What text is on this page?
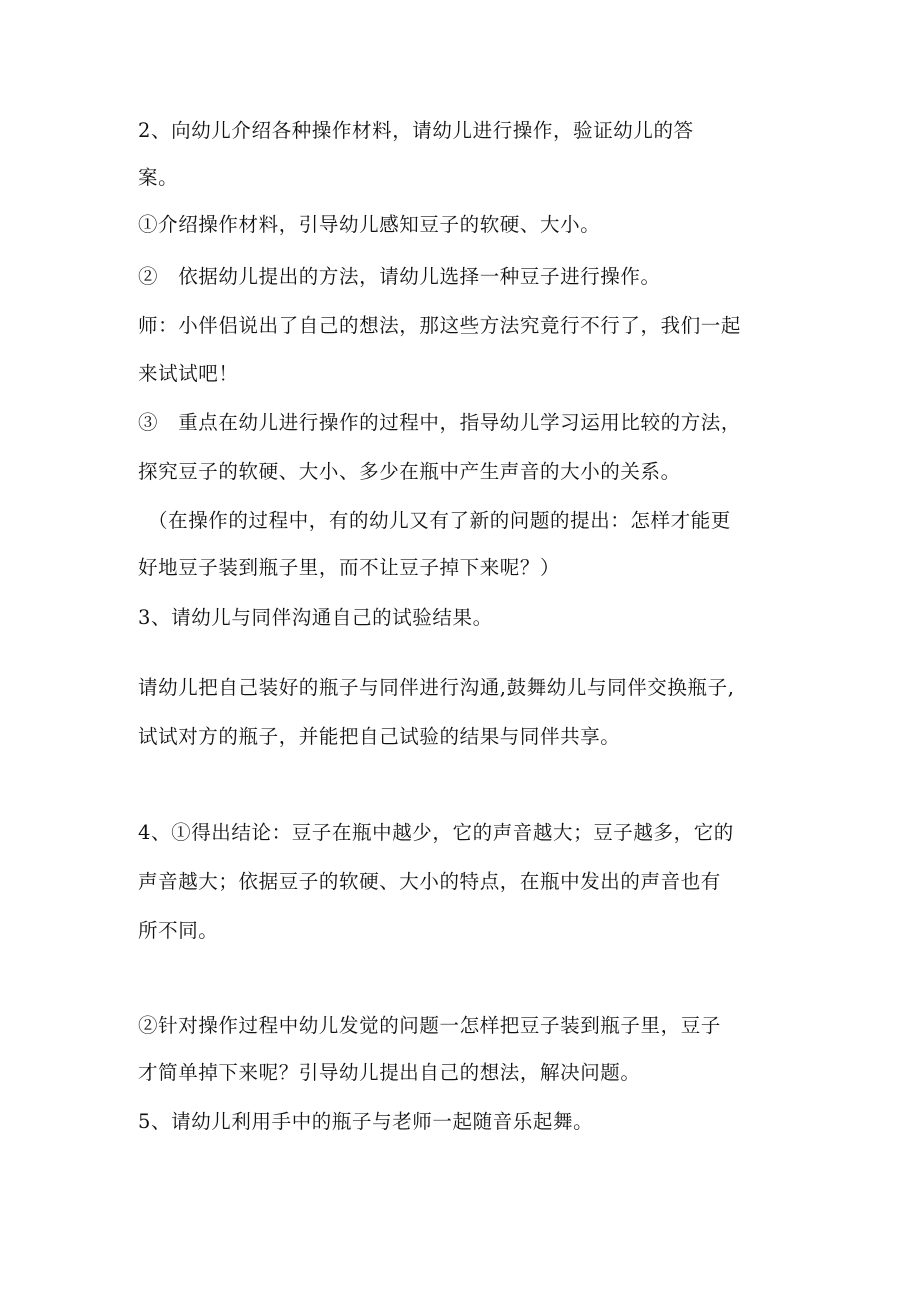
2、向幼儿介绍各种操作材料，请幼儿进行操作，验证幼儿的答
案。
①介绍操作材料，引导幼儿感知豆子的软硬、大小。
②　依据幼儿提出的方法，请幼儿选择一种豆子进行操作。
师：小伴侣说出了自己的想法，那这些方法究竟行不行了，我们一起
来试试吧！
③　重点在幼儿进行操作的过程中，指导幼儿学习运用比较的方法，
探究豆子的软硬、大小、多少在瓶中产生声音的大小的关系。
（在操作的过程中，有的幼儿又有了新的问题的提出：怎样才能更
好地豆子装到瓶子里，而不让豆子掉下来呢？）
3、请幼儿与同伴沟通自己的试验结果。
请幼儿把自己装好的瓶子与同伴进行沟通,鼓舞幼儿与同伴交换瓶子,
试试对方的瓶子，并能把自己试验的结果与同伴共享。
4、①得出结论：豆子在瓶中越少，它的声音越大；豆子越多，它的
声音越大；依据豆子的软硬、大小的特点，在瓶中发出的声音也有
所不同。
②针对操作过程中幼儿发觉的问题一怎样把豆子装到瓶子里，豆子
才简单掉下来呢？引导幼儿提出自己的想法，解决问题。
5、请幼儿利用手中的瓶子与老师一起随音乐起舞。
